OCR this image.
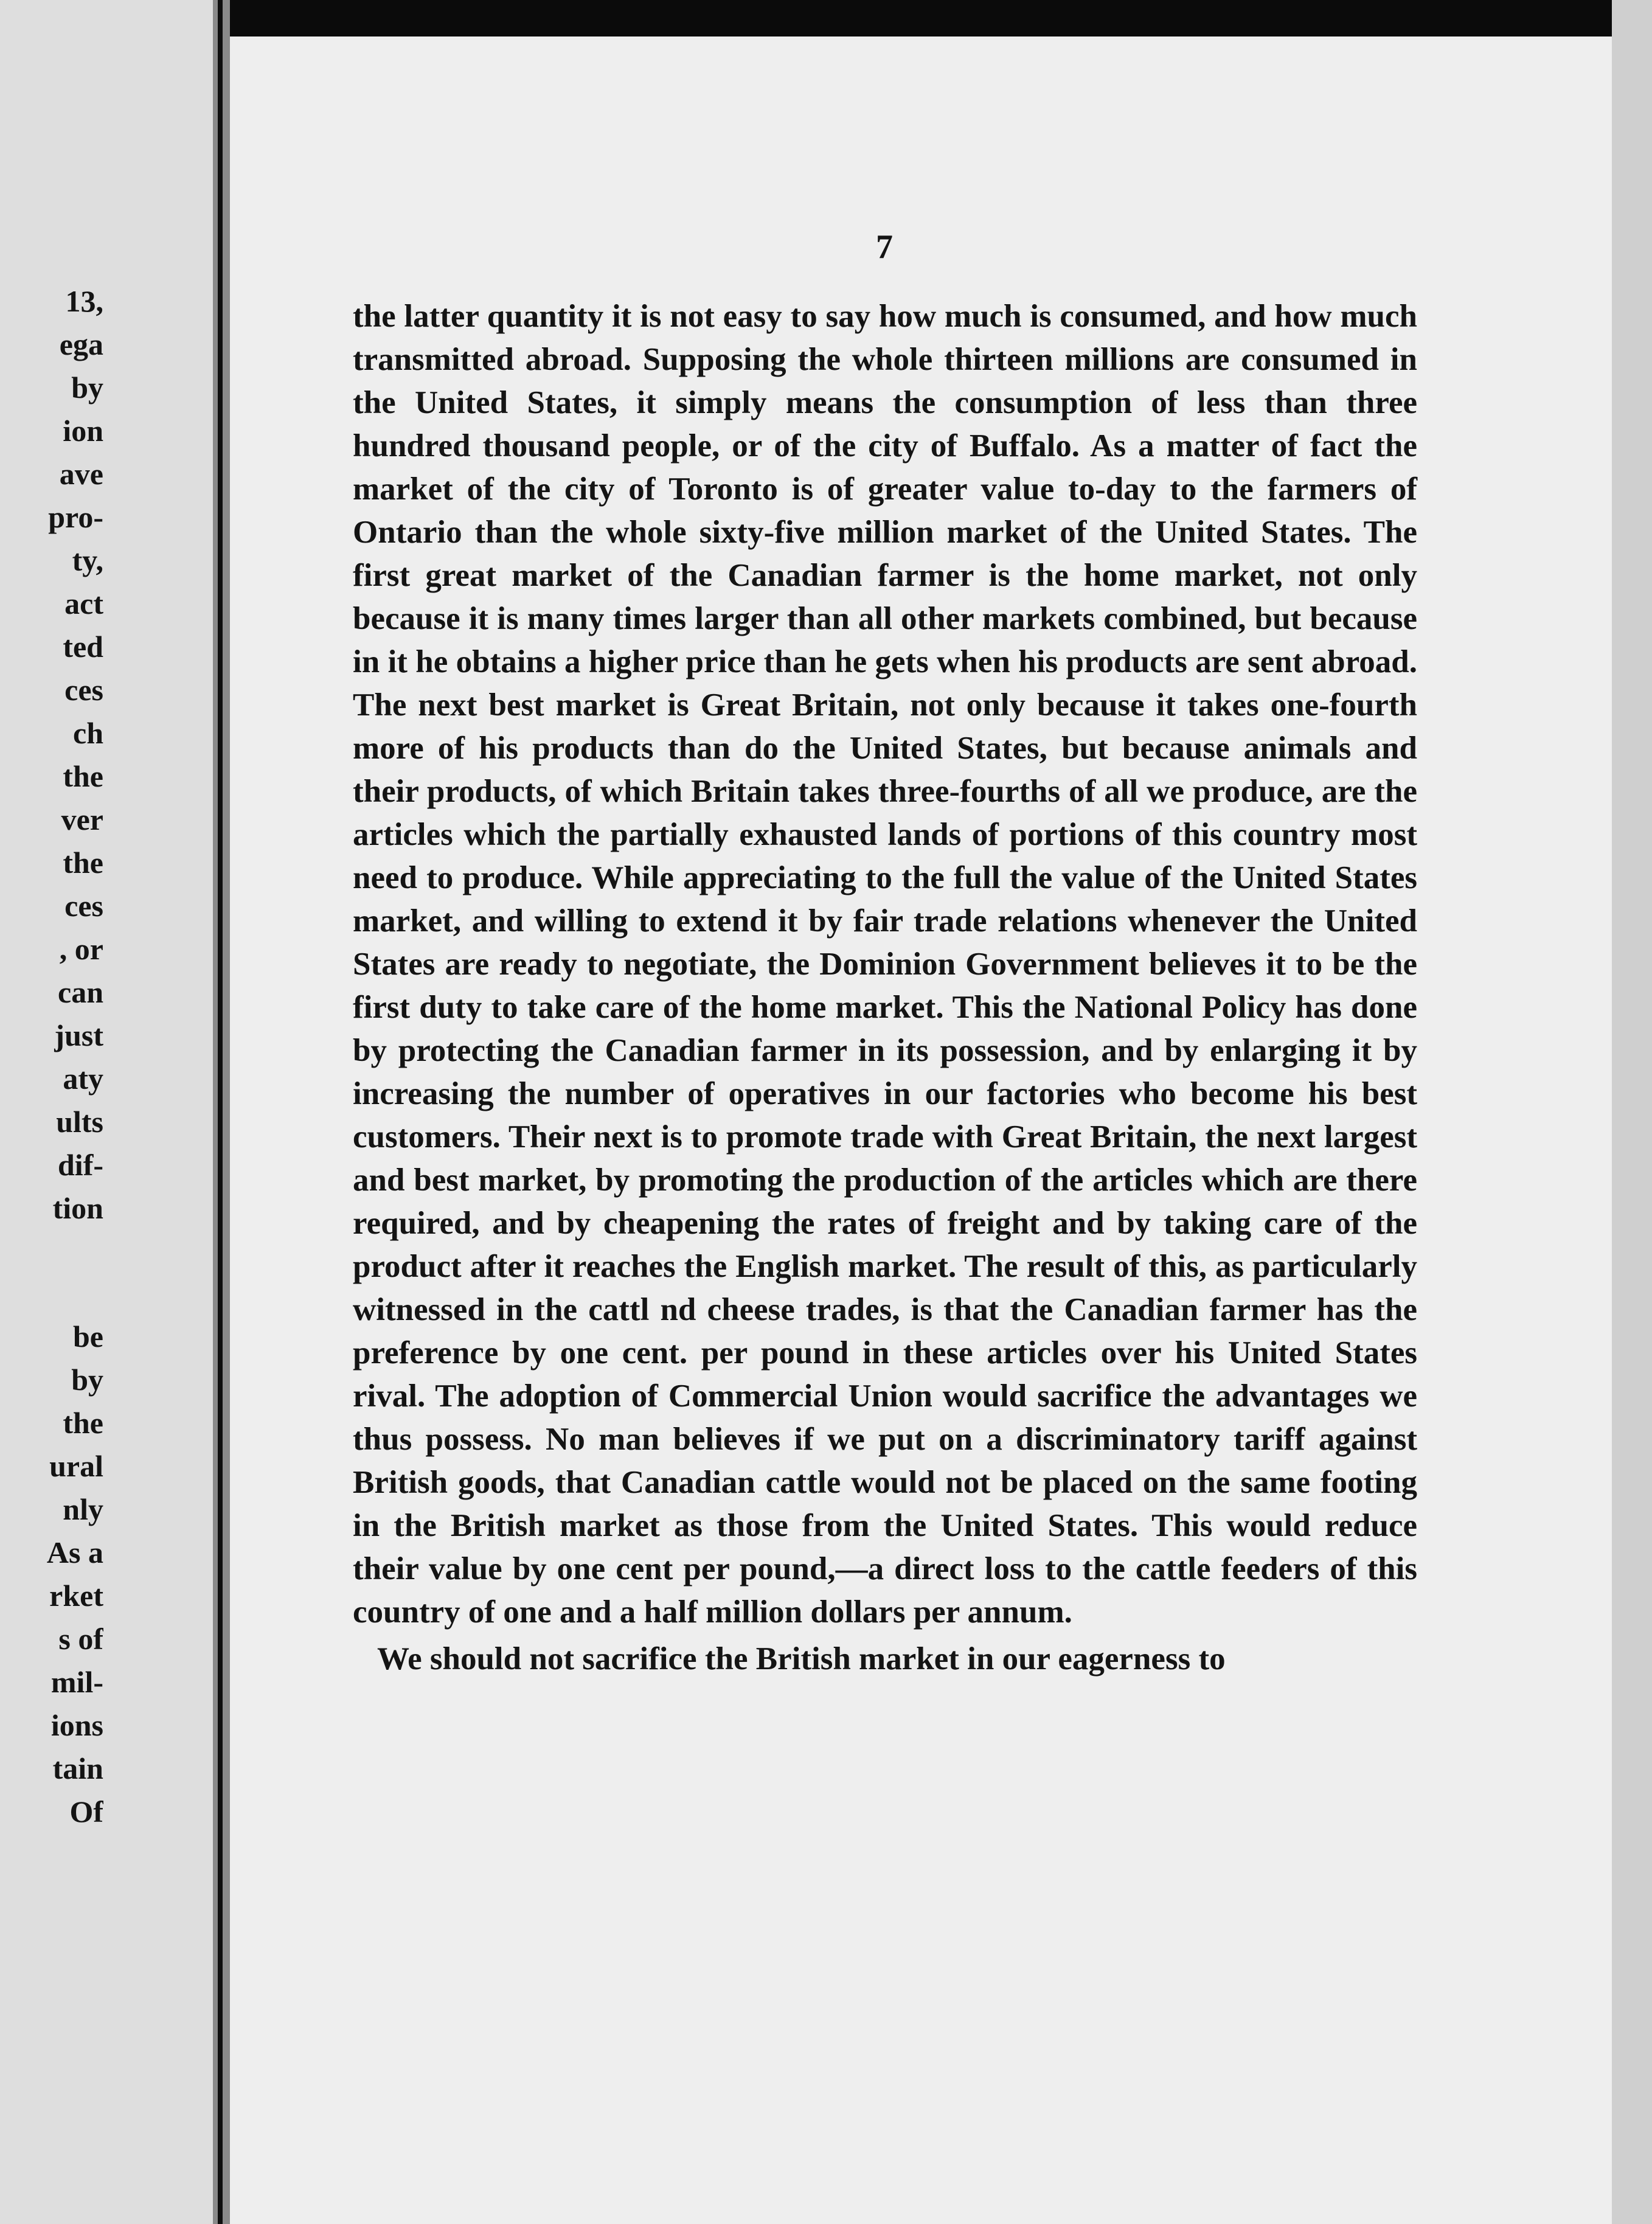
13,
ega
by
ion
ave
pro-
ty,
act
ted
ces
ch
the
ver
the
ces
, or
can
just
aty
ults
dif-
tion
be
by
the
ural
nly
As a
rket
s of
mil-
ions
tain
Of
7

the latter quantity it is not easy to say how much is consumed, and how much transmitted abroad. Supposing the whole thirteen millions are consumed in the United States, it simply means the consumption of less than three hundred thousand people, or of the city of Buffalo. As a matter of fact the market of the city of Toronto is of greater value to-day to the farmers of Ontario than the whole sixty-five million market of the United States. The first great market of the Canadian farmer is the home market, not only because it is many times larger than all other markets combined, but because in it he obtains a higher price than he gets when his products are sent abroad. The next best market is Great Britain, not only because it takes one-fourth more of his products than do the United States, but because animals and their products, of which Britain takes three-fourths of all we produce, are the articles which the partially exhausted lands of portions of this country most need to produce. While appreciating to the full the value of the United States market, and willing to extend it by fair trade relations whenever the United States are ready to negotiate, the Dominion Government believes it to be the first duty to take care of the home market. This the National Policy has done by protecting the Canadian farmer in its possession, and by enlarging it by increasing the number of operatives in our factories who become his best customers. Their next is to promote trade with Great Britain, the next largest and best market, by promoting the production of the articles which are there required, and by cheapening the rates of freight and by taking care of the product after it reaches the English market. The result of this, as particularly witnessed in the cattl nd cheese trades, is that the Canadian farmer has the preference by one cent. per pound in these articles over his United States rival. The adoption of Commercial Union would sacrifice the advantages we thus possess. No man believes if we put on a discriminatory tariff against British goods, that Canadian cattle would not be placed on the same footing in the British market as those from the United States. This would reduce their value by one cent per pound,—a direct loss to the cattle feeders of this country of one and a half million dollars per annum.

We should not sacrifice the British market in our eagerness to
